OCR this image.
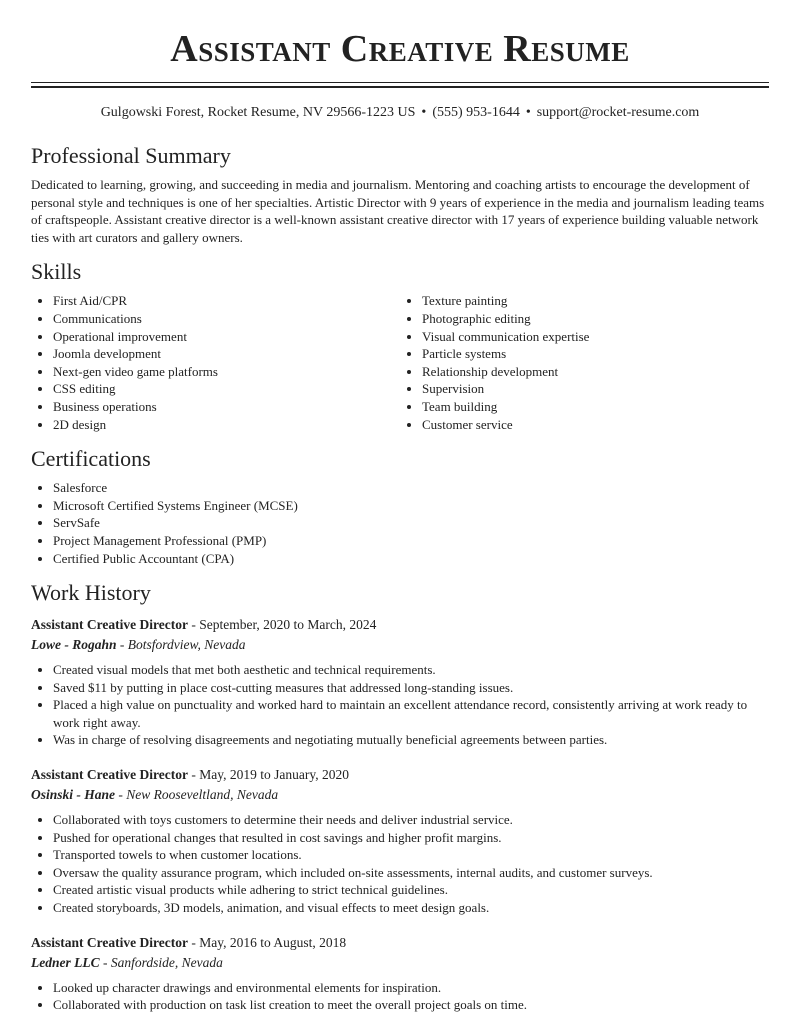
Assistant Creative Resume
Gulgowski Forest, Rocket Resume, NV 29566-1223 US • (555) 953-1644 • support@rocket-resume.com
Professional Summary

Dedicated to learning, growing, and succeeding in media and journalism. Mentoring and coaching artists to encourage the development of personal style and techniques is one of her specialties. Artistic Director with 9 years of experience in the media and journalism leading teams of craftspeople. Assistant creative director is a well-known assistant creative director with 17 years of experience building valuable network ties with art curators and gallery owners.

Skills
• First Aid/CPR
• Communications
• Operational improvement
• Joomla development
• Next-gen video game platforms
• CSS editing
• Business operations
• 2D design
• Texture painting
• Photographic editing
• Visual communication expertise
• Particle systems
• Relationship development
• Supervision
• Team building
• Customer service
Certifications
• Salesforce
• Microsoft Certified Systems Engineer (MCSE)
• ServSafe
• Project Management Professional (PMP)
• Certified Public Accountant (CPA)
Work History
Assistant Creative Director - September, 2020 to March, 2024
Lowe - Rogahn - Botsfordview, Nevada
• Created visual models that met both aesthetic and technical requirements.
• Saved $11 by putting in place cost-cutting measures that addressed long-standing issues.
• Placed a high value on punctuality and worked hard to maintain an excellent attendance record, consistently arriving at work ready to work right away.
• Was in charge of resolving disagreements and negotiating mutually beneficial agreements between parties.
Assistant Creative Director - May, 2019 to January, 2020
Osinski - Hane - New Rooseveltland, Nevada
• Collaborated with toys customers to determine their needs and deliver industrial service.
• Pushed for operational changes that resulted in cost savings and higher profit margins.
• Transported towels to when customer locations.
• Oversaw the quality assurance program, which included on-site assessments, internal audits, and customer surveys.
• Created artistic visual products while adhering to strict technical guidelines.
• Created storyboards, 3D models, animation, and visual effects to meet design goals.
Assistant Creative Director - May, 2016 to August, 2018
Ledner LLC - Sanfordside, Nevada
• Looked up character drawings and environmental elements for inspiration.
• Collaborated with production on task list creation to meet the overall project goals on time.
